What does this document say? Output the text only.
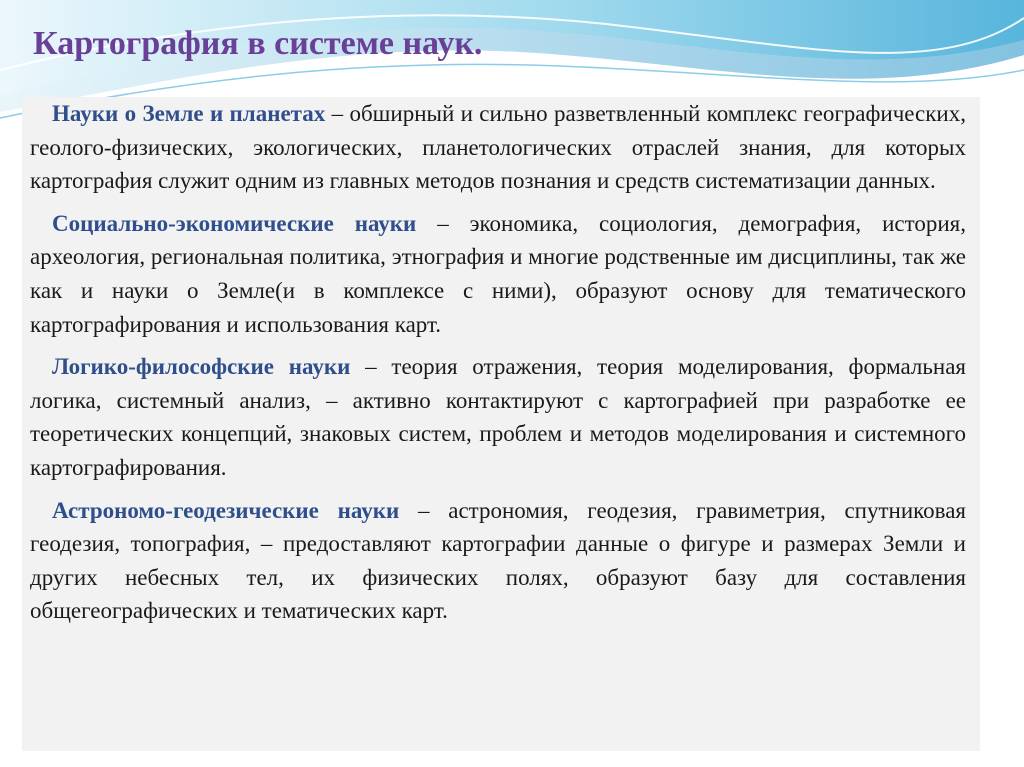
Картография в системе наук.

Науки о Земле и планетах – обширный и сильно разветвленный комплекс географических, геолого-физических, экологических, планетологических отраслей знания, для которых картография служит одним из главных методов познания и средств систематизации данных.

Социально-экономические науки – экономика, социология, демография, история, археология, региональная политика, этнография и многие родственные им дисциплины, так же как и науки о Земле(и в комплексе с ними), образуют основу для тематического картографирования и использования карт.

Логико-философские науки – теория отражения, теория моделирования, формальная логика, системный анализ, – активно контактируют с картографией при разработке ее теоретических концепций, знаковых систем, проблем и методов моделирования и системного картографирования.

Астрономо-геодезические науки – астрономия, геодезия, гравиметрия, спутниковая геодезия, топография, – предоставляют картографии данные о фигуре и размерах Земли и других небесных тел, их физических полях, образуют базу для составления общегеографических и тематических карт.
